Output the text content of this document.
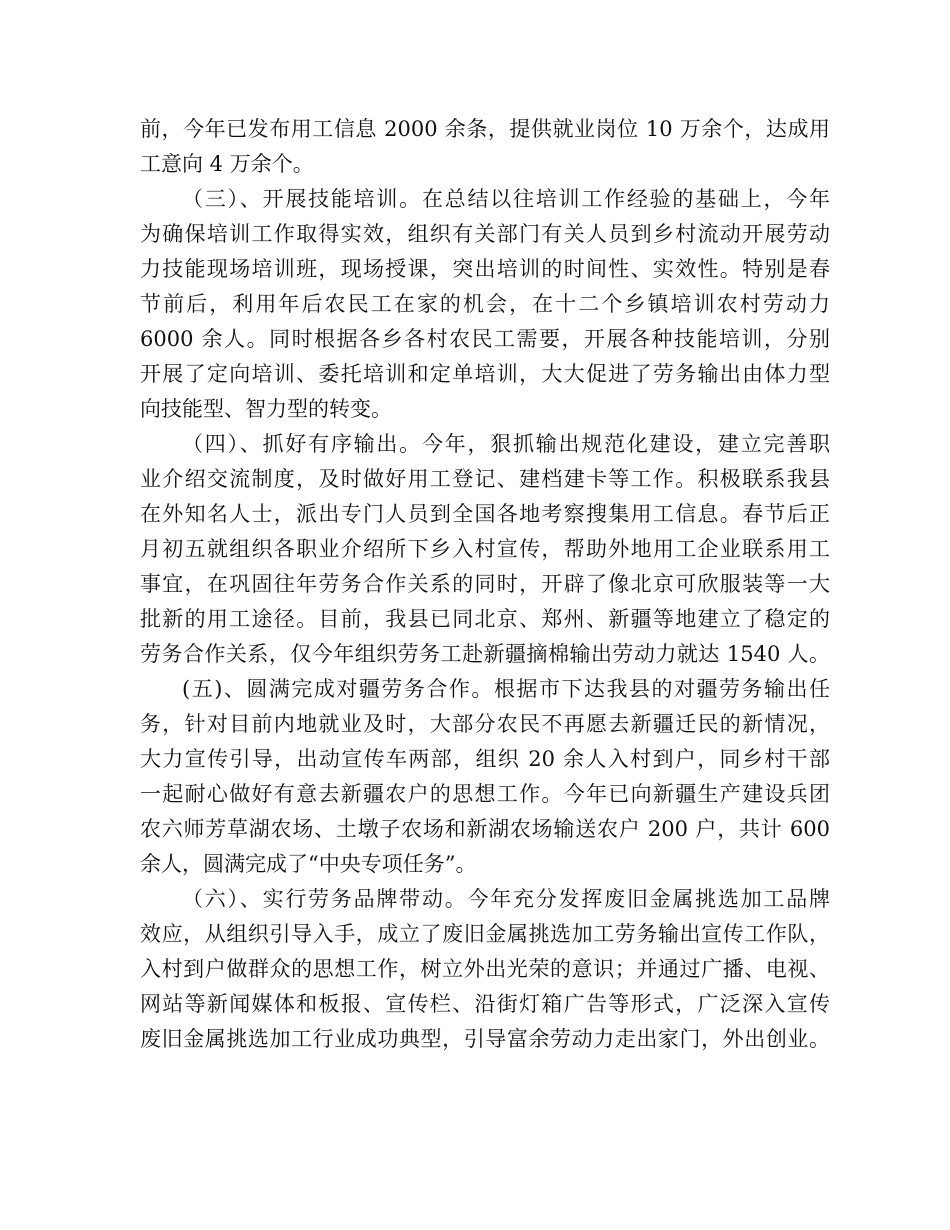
前，今年已发布用工信息 2000 余条，提供就业岗位 10 万余个，达成用
工意向 4 万余个。
（三）、开展技能培训。在总结以往培训工作经验的基础上，今年
为确保培训工作取得实效，组织有关部门有关人员到乡村流动开展劳动
力技能现场培训班，现场授课，突出培训的时间性、实效性。特别是春
节前后，利用年后农民工在家的机会，在十二个乡镇培训农村劳动力
6000 余人。同时根据各乡各村农民工需要，开展各种技能培训，分别
开展了定向培训、委托培训和定单培训，大大促进了劳务输出由体力型
向技能型、智力型的转变。
（四）、抓好有序输出。今年，狠抓输出规范化建设，建立完善职
业介绍交流制度，及时做好用工登记、建档建卡等工作。积极联系我县
在外知名人士，派出专门人员到全国各地考察搜集用工信息。春节后正
月初五就组织各职业介绍所下乡入村宣传，帮助外地用工企业联系用工
事宜，在巩固往年劳务合作关系的同时，开辟了像北京可欣服装等一大
批新的用工途径。目前，我县已同北京、郑州、新疆等地建立了稳定的
劳务合作关系，仅今年组织劳务工赴新疆摘棉输出劳动力就达 1540 人。
(五)、圆满完成对疆劳务合作。根据市下达我县的对疆劳务输出任
务，针对目前内地就业及时，大部分农民不再愿去新疆迁民的新情况，
大力宣传引导，出动宣传车两部，组织 20 余人入村到户，同乡村干部
一起耐心做好有意去新疆农户的思想工作。今年已向新疆生产建设兵团
农六师芳草湖农场、土墩子农场和新湖农场输送农户 200 户，共计 600
余人，圆满完成了“中央专项任务”。
（六）、实行劳务品牌带动。今年充分发挥废旧金属挑选加工品牌
效应，从组织引导入手，成立了废旧金属挑选加工劳务输出宣传工作队，
入村到户做群众的思想工作，树立外出光荣的意识；并通过广播、电视、
网站等新闻媒体和板报、宣传栏、沿街灯箱广告等形式，广泛深入宣传
废旧金属挑选加工行业成功典型，引导富余劳动力走出家门，外出创业。
